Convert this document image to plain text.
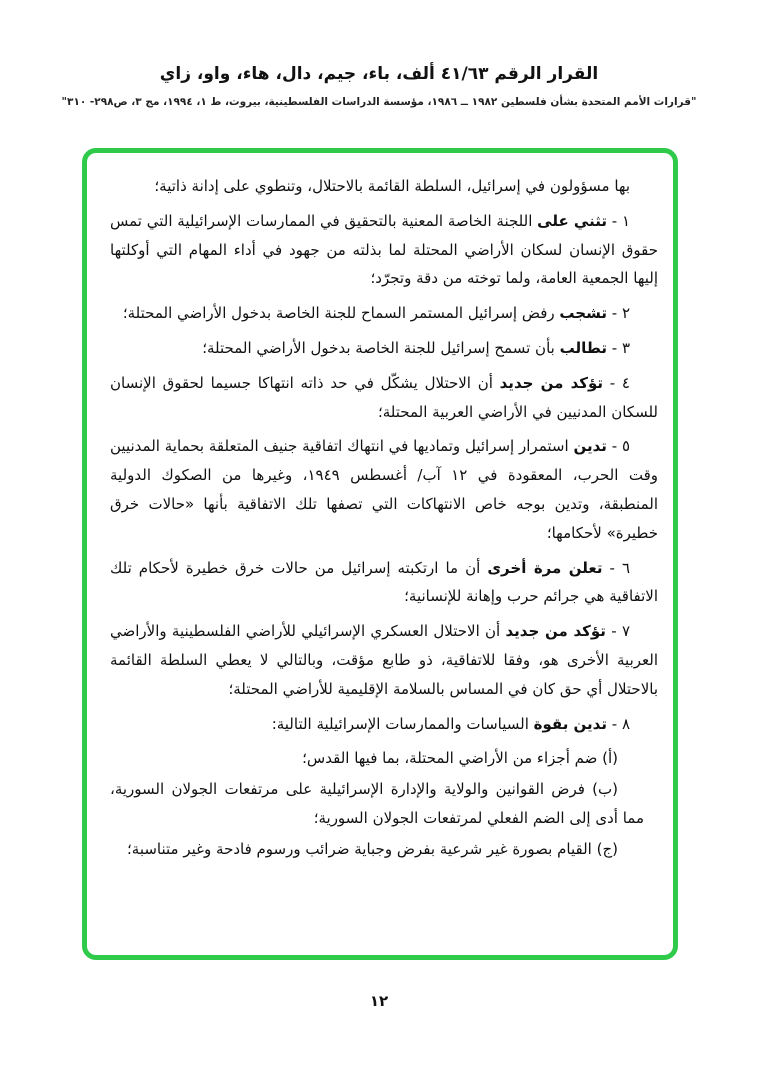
القرار الرقم ٤١/٦٣ ألف، باء، جيم، دال، هاء، واو، زاي
"قرارات الأمم المتحدة بشأن فلسطين ١٩٨٢ ــ ١٩٨٦، مؤسسة الدراسات الفلسطينية، بيروت، ط ١، ١٩٩٤، مج ٣، ص٢٩٨- ٣١٠"

بها مسؤولون في إسرائيل، السلطة القائمة بالاحتلال، وتنطوي على إدانة ذاتية؛

١ - تثني على اللجنة الخاصة المعنية بالتحقيق في الممارسات الإسرائيلية التي تمس حقوق الإنسان لسكان الأراضي المحتلة لما بذلته من جهود في أداء المهام التي أوكلتها إليها الجمعية العامة، ولما توخته من دقة وتجرّد؛

٢ - تشجب رفض إسرائيل المستمر السماح للجنة الخاصة بدخول الأراضي المحتلة؛

٣ - تطالب بأن تسمح إسرائيل للجنة الخاصة بدخول الأراضي المحتلة؛

٤ - تؤكد من جديد أن الاحتلال يشكّل في حد ذاته انتهاكا جسيما لحقوق الإنسان للسكان المدنيين في الأراضي العربية المحتلة؛

٥ - تدين استمرار إسرائيل وتماديها في انتهاك اتفاقية جنيف المتعلقة بحماية المدنيين وقت الحرب، المعقودة في ١٢ آب/ أغسطس ١٩٤٩، وغيرها من الصكوك الدولية المنطبقة، وتدين بوجه خاص الانتهاكات التي تصفها تلك الاتفاقية بأنها «حالات خرق خطيرة» لأحكامها؛

٦ - تعلن مرة أخرى أن ما ارتكبته إسرائيل من حالات خرق خطيرة لأحكام تلك الاتفاقية هي جرائم حرب وإهانة للإنسانية؛

٧ - تؤكد من جديد أن الاحتلال العسكري الإسرائيلي للأراضي الفلسطينية والأراضي العربية الأخرى هو، وفقا للاتفاقية، ذو طابع مؤقت، وبالتالي لا يعطي السلطة القائمة بالاحتلال أي حق كان في المساس بالسلامة الإقليمية للأراضي المحتلة؛

٨ - تدين بقوة السياسات والممارسات الإسرائيلية التالية:

(أ) ضم أجزاء من الأراضي المحتلة، بما فيها القدس؛

(ب) فرض القوانين والولاية والإدارة الإسرائيلية على مرتفعات الجولان السورية، مما أدى إلى الضم الفعلي لمرتفعات الجولان السورية؛

(ج) القيام بصورة غير شرعية بفرض وجباية ضرائب ورسوم فادحة وغير متناسبة؛

١٢
